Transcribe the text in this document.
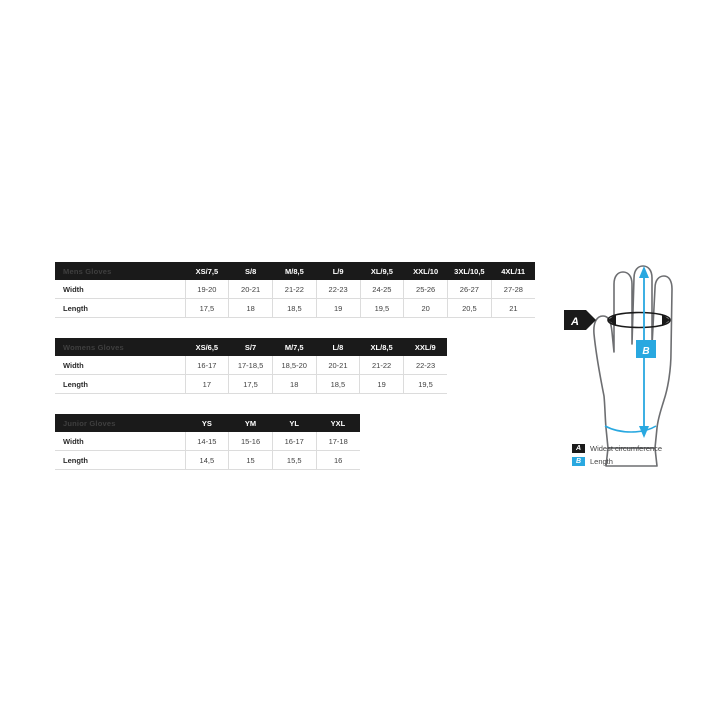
Mens Gloves	XS/7,5	S/8	M/8,5	L/9	XL/9,5	XXL/10	3XL/10,5	4XL/11
Width	19-20	20-21	21-22	22-23	24-25	25-26	26-27	27-28
Length	17,5	18	18,5	19	19,5	20	20,5	21
Womens Gloves	XS/6,5	S/7	M/7,5	L/8	XL/8,5	XXL/9		
Width	16-17	17-18,5	18,5-20	20-21	21-22	22-23		
Length	17	17,5	18	18,5	19	19,5		
Junior Gloves	YS	YM	YL	YXL				
Width	14-15	15-16	16-17	17-18				
Length	14,5	15	15,5	16				
A
B
A	Widest circumference
B	Length
